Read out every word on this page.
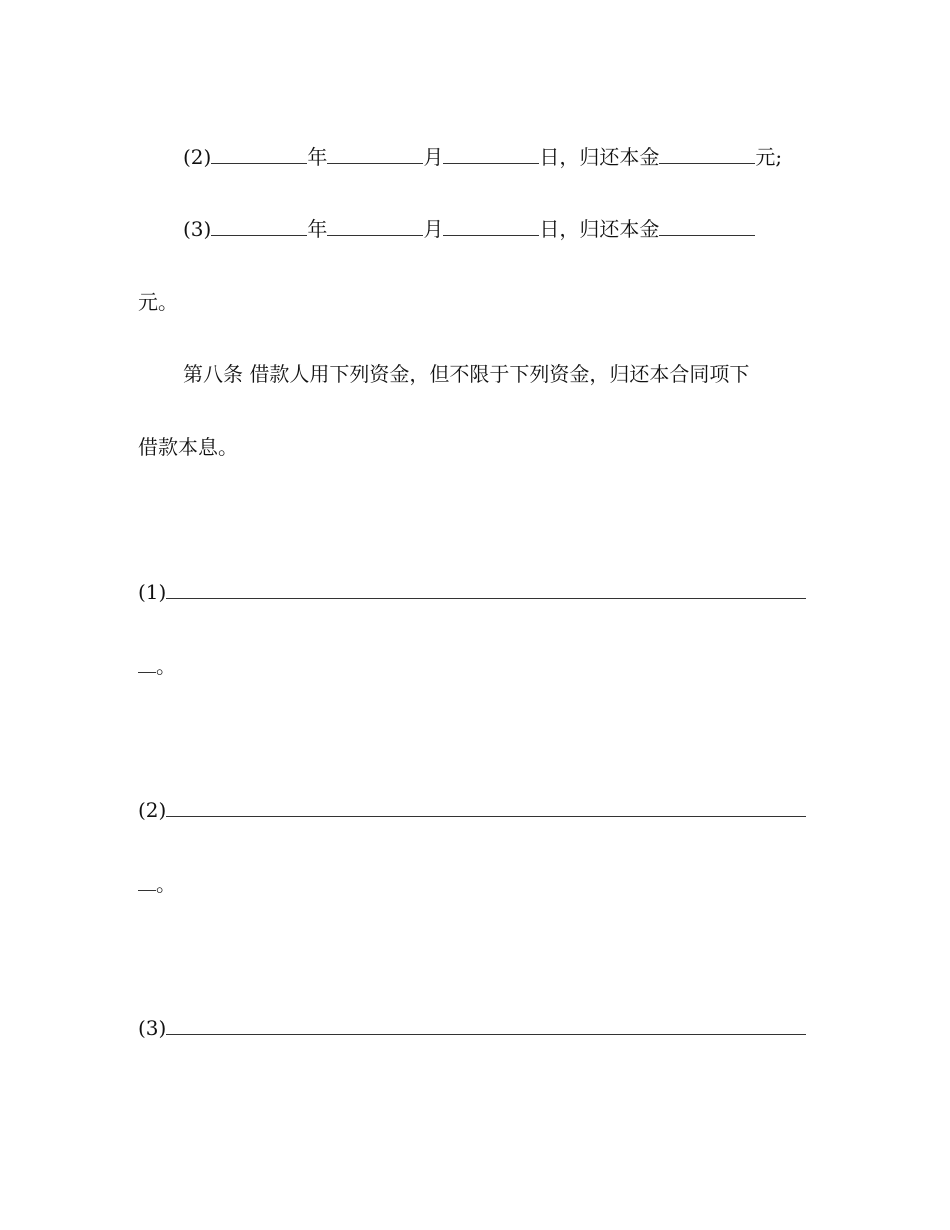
(2)	年	月	日，归还本金	元;
(3)	年	月	日，归还本金
元。
第八条 借款人用下列资金，但不限于下列资金，归还本合同项下
借款本息。
(1)
。
(2)
。
(3)
